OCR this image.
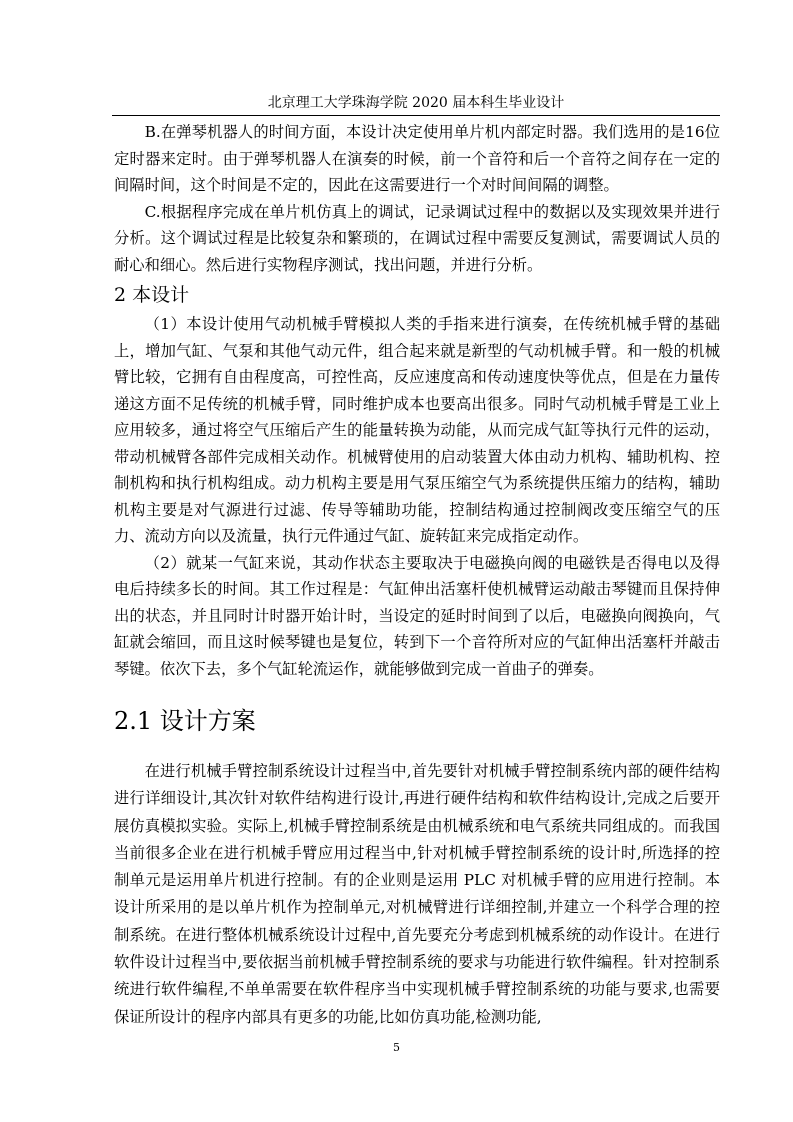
北京理工大学珠海学院 2020 届本科生毕业设计

B.在弹琴机器人的时间方面，本设计决定使用单片机内部定时器。我们选用的是16位定时器来定时。由于弹琴机器人在演奏的时候，前一个音符和后一个音符之间存在一定的间隔时间，这个时间是不定的，因此在这需要进行一个对时间间隔的调整。

C.根据程序完成在单片机仿真上的调试，记录调试过程中的数据以及实现效果并进行分析。这个调试过程是比较复杂和繁琐的，在调试过程中需要反复测试，需要调试人员的耐心和细心。然后进行实物程序测试，找出问题，并进行分析。

2 本设计

（1）本设计使用气动机械手臂模拟人类的手指来进行演奏，在传统机械手臂的基础上，增加气缸、气泵和其他气动元件，组合起来就是新型的气动机械手臂。和一般的机械臂比较，它拥有自由程度高，可控性高，反应速度高和传动速度快等优点，但是在力量传递这方面不足传统的机械手臂，同时维护成本也要高出很多。同时气动机械手臂是工业上应用较多，通过将空气压缩后产生的能量转换为动能，从而完成气缸等执行元件的运动，带动机械臂各部件完成相关动作。机械臂使用的启动装置大体由动力机构、辅助机构、控制机构和执行机构组成。动力机构主要是用气泵压缩空气为系统提供压缩力的结构，辅助机构主要是对气源进行过滤、传导等辅助功能，控制结构通过控制阀改变压缩空气的压力、流动方向以及流量，执行元件通过气缸、旋转缸来完成指定动作。

（2）就某一气缸来说，其动作状态主要取决于电磁换向阀的电磁铁是否得电以及得电后持续多长的时间。其工作过程是：气缸伸出活塞杆使机械臂运动敲击琴键而且保持伸出的状态，并且同时计时器开始计时，当设定的延时时间到了以后，电磁换向阀换向，气缸就会缩回，而且这时候琴键也是复位，转到下一个音符所对应的气缸伸出活塞杆并敲击琴键。依次下去，多个气缸轮流运作，就能够做到完成一首曲子的弹奏。

2.1 设计方案

在进行机械手臂控制系统设计过程当中,首先要针对机械手臂控制系统内部的硬件结构进行详细设计,其次针对软件结构进行设计,再进行硬件结构和软件结构设计,完成之后要开展仿真模拟实验。实际上,机械手臂控制系统是由机械系统和电气系统共同组成的。而我国当前很多企业在进行机械手臂应用过程当中,针对机械手臂控制系统的设计时,所选择的控制单元是运用单片机进行控制。有的企业则是运用 PLC 对机械手臂的应用进行控制。本设计所采用的是以单片机作为控制单元,对机械臂进行详细控制,并建立一个科学合理的控制系统。在进行整体机械系统设计过程中,首先要充分考虑到机械系统的动作设计。在进行软件设计过程当中,要依据当前机械手臂控制系统的要求与功能进行软件编程。针对控制系统进行软件编程,不单单需要在软件程序当中实现机械手臂控制系统的功能与要求,也需要保证所设计的程序内部具有更多的功能,比如仿真功能,检测功能,

5
